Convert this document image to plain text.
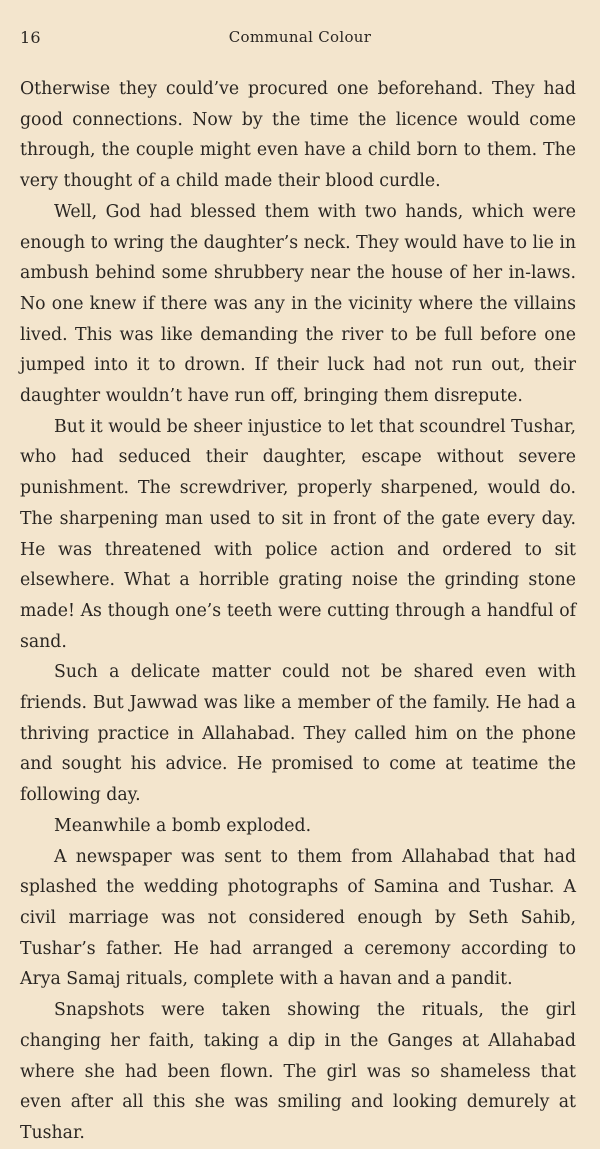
16	Communal Colour

Otherwise they could’ve procured one beforehand. They had good connections. Now by the time the licence would come through, the couple might even have a child born to them. The very thought of a child made their blood curdle.

Well, God had blessed them with two hands, which were enough to wring the daughter’s neck. They would have to lie in ambush behind some shrubbery near the house of her in-laws. No one knew if there was any in the vicinity where the villains lived. This was like demanding the river to be full before one jumped into it to drown. If their luck had not run out, their daughter wouldn’t have run off, bringing them disrepute.

But it would be sheer injustice to let that scoundrel Tushar, who had seduced their daughter, escape without severe punishment. The screwdriver, properly sharpened, would do. The sharpening man used to sit in front of the gate every day. He was threatened with police action and ordered to sit elsewhere. What a horrible grating noise the grinding stone made! As though one’s teeth were cutting through a handful of sand.

Such a delicate matter could not be shared even with friends. But Jawwad was like a member of the family. He had a thriving practice in Allahabad. They called him on the phone and sought his advice. He promised to come at teatime the following day.

Meanwhile a bomb exploded.

A newspaper was sent to them from Allahabad that had splashed the wedding photographs of Samina and Tushar. A civil marriage was not considered enough by Seth Sahib, Tushar’s father. He had arranged a ceremony according to Arya Samaj rituals, complete with a havan and a pandit.

Snapshots were taken showing the rituals, the girl changing her faith, taking a dip in the Ganges at Allahabad where she had been flown. The girl was so shameless that even after all this she was smiling and looking demurely at Tushar.
